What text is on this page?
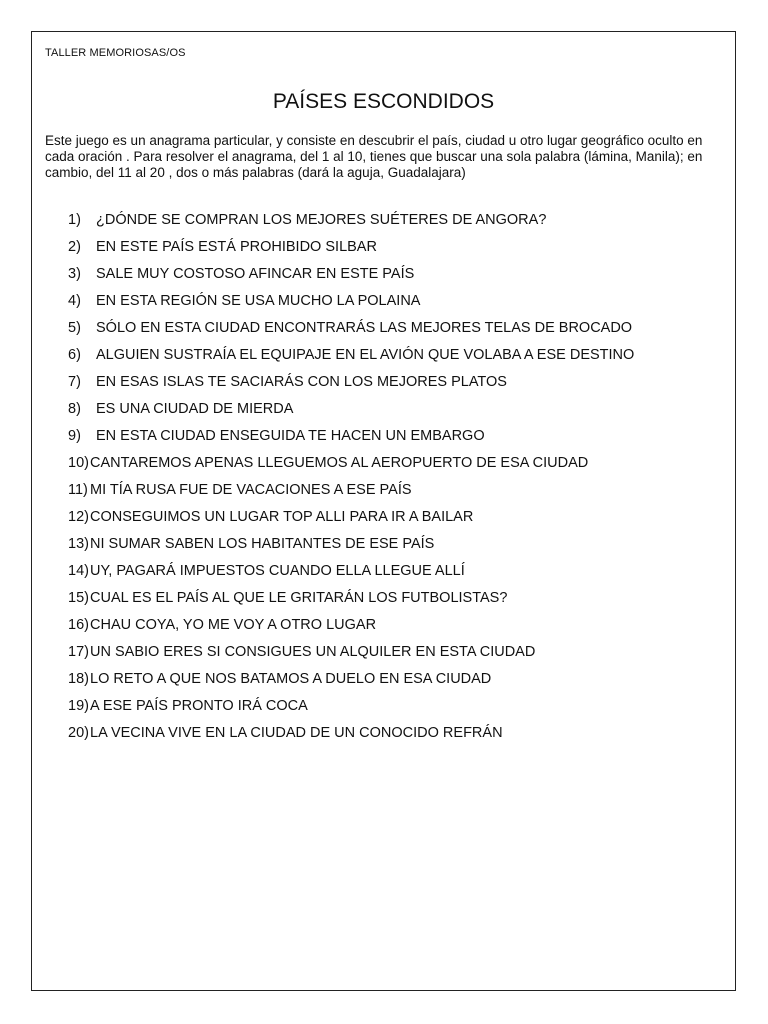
TALLER MEMORIOSAS/OS
PAÍSES ESCONDIDOS

Este juego es un anagrama particular, y consiste en descubrir el país, ciudad u otro lugar geográfico oculto en cada oración . Para resolver el anagrama, del 1 al 10, tienes que buscar una sola palabra (lámina, Manila); en cambio, del 11 al 20 , dos o más palabras (dará la aguja, Guadalajara)

1)	¿DÓNDE SE COMPRAN LOS MEJORES SUÉTERES DE ANGORA?
2)	EN ESTE PAÍS ESTÁ PROHIBIDO SILBAR
3)	SALE MUY COSTOSO AFINCAR EN ESTE PAÍS
4)	EN ESTA REGIÓN SE USA MUCHO LA POLAINA
5)	SÓLO EN ESTA CIUDAD ENCONTRARÁS LAS MEJORES TELAS DE BROCADO
6)	ALGUIEN SUSTRAÍA EL EQUIPAJE EN EL AVIÓN QUE VOLABA A ESE DESTINO
7)	EN ESAS ISLAS TE SACIARÁS CON LOS MEJORES PLATOS
8)	ES UNA CIUDAD DE MIERDA
9)	EN ESTA CIUDAD ENSEGUIDA TE HACEN UN EMBARGO
10) CANTAREMOS APENAS LLEGUEMOS AL AEROPUERTO DE ESA CIUDAD
11) MI TÍA RUSA FUE DE VACACIONES A ESE PAÍS
12) CONSEGUIMOS UN LUGAR TOP ALLI PARA IR A BAILAR
13) NI SUMAR SABEN LOS HABITANTES DE ESE PAÍS
14) UY, PAGARÁ IMPUESTOS CUANDO ELLA LLEGUE ALLÍ
15) CUAL ES EL PAÍS AL QUE LE GRITARÁN LOS FUTBOLISTAS?
16) CHAU COYA, YO ME VOY A OTRO LUGAR
17) UN SABIO ERES SI CONSIGUES UN ALQUILER EN ESTA CIUDAD
18) LO RETO A QUE NOS BATAMOS A DUELO EN ESA CIUDAD
19) A ESE PAÍS PRONTO IRÁ COCA
20) LA VECINA VIVE EN LA CIUDAD DE UN CONOCIDO REFRÁN
